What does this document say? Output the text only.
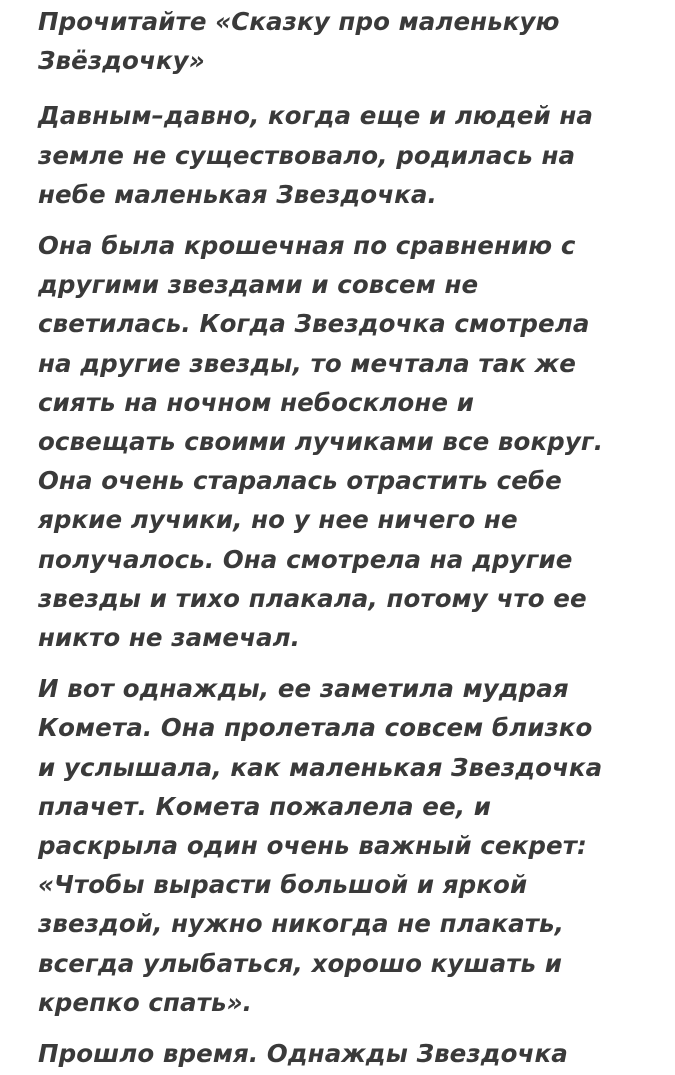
Прочитайте «Сказку про маленькую
Звёздочку»

Давным–давно, когда еще и людей на
земле не существовало, родилась на
небе маленькая Звездочка.

Она была крошечная по сравнению с
другими звездами и совсем не
светилась. Когда Звездочка смотрела
на другие звезды, то мечтала так же
сиять на ночном небосклоне и
освещать своими лучиками все вокруг.
Она очень старалась отрастить себе
яркие лучики, но у нее ничего не
получалось. Она смотрела на другие
звезды и тихо плакала, потому что ее
никто не замечал.

И вот однажды, ее заметила мудрая
Комета. Она пролетала совсем близко
и услышала, как маленькая Звездочка
плачет. Комета пожалела ее, и
раскрыла один очень важный секрет:
«Чтобы вырасти большой и яркой
звездой, нужно никогда не плакать,
всегда улыбаться, хорошо кушать и
крепко спать».

Прошло время. Однажды Звездочка
